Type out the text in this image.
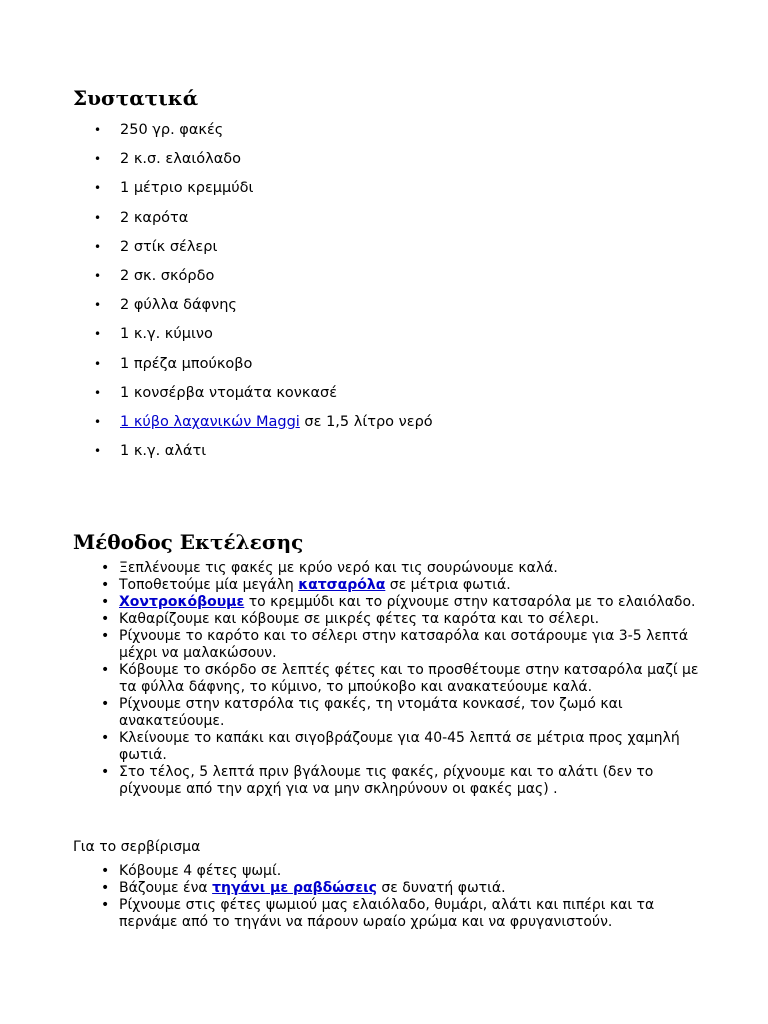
Συστατικά
• 250 γρ. φακές
• 2 κ.σ. ελαιόλαδο
• 1 μέτριο κρεμμύδι
• 2 καρότα
• 2 στίκ σέλερι
• 2 σκ. σκόρδο
• 2 φύλλα δάφνης
• 1 κ.γ. κύμινο
• 1 πρέζα μπούκοβο
• 1 κονσέρβα ντομάτα κονκασέ
• 1 κύβο λαχανικών Maggi σε 1,5 λίτρο νερό
• 1 κ.γ. αλάτι
Μέθοδος Εκτέλεσης
• Ξεπλένουμε τις φακές με κρύο νερό και τις σουρώνουμε καλά.
• Τοποθετούμε μία μεγάλη κατσαρόλα σε μέτρια φωτιά.
• Χοντροκόβουμε το κρεμμύδι και το ρίχνουμε στην κατσαρόλα με το ελαιόλαδο.
• Καθαρίζουμε και κόβουμε σε μικρές φέτες τα καρότα και το σέλερι.
• Ρίχνουμε το καρότο και το σέλερι στην κατσαρόλα και σοτάρουμε για 3-5 λεπτά μέχρι να μαλακώσουν.
• Κόβουμε το σκόρδο σε λεπτές φέτες και το προσθέτουμε στην κατσαρόλα μαζί με τα φύλλα δάφνης, το κύμινο, το μπούκοβο και ανακατεύουμε καλά.
• Ρίχνουμε στην κατσρόλα τις φακές, τη ντομάτα κονκασέ, τον ζωμό και ανακατεύουμε.
• Κλείνουμε το καπάκι και σιγοβράζουμε για 40-45 λεπτά σε μέτρια προς χαμηλή φωτιά.
• Στο τέλος, 5 λεπτά πριν βγάλουμε τις φακές, ρίχνουμε και το αλάτι (δεν το ρίχνουμε από την αρχή για να μην σκληρύνουν οι φακές μας) .

Για το σερβίρισμα

• Κόβουμε 4 φέτες ψωμί.
• Βάζουμε ένα τηγάνι με ραβδώσεις σε δυνατή φωτιά.
• Ρίχνουμε στις φέτες ψωμιού μας ελαιόλαδο, θυμάρι, αλάτι και πιπέρι και τα περνάμε από το τηγάνι να πάρουν ωραίο χρώμα και να φρυγανιστούν.
